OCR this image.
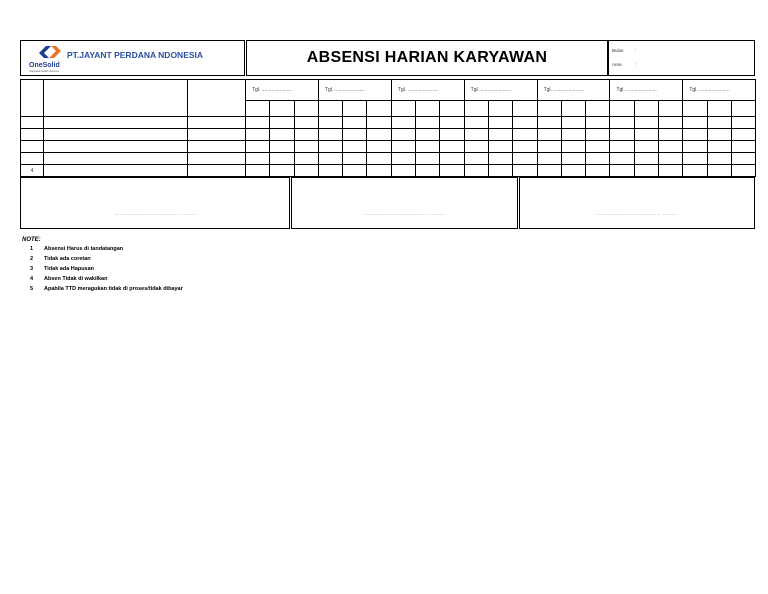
PT.JAYANT PERDANA NDONESIA
OneSolid
Integrated Facility Services
ABSENSI HARIAN KARYAWAN	Bulan	:
Area	:
			Tgl. ......................			Tgl. ......................			Tgl. ......................			Tgl. ......................			Tgl. ......................			Tgl. ......................			Tgl. ......................		

4																							
.................................. ........	.................................. ........	.................................. ........
NOTE:
1	Absensi Harus di tandatangan
2	Tidak ada coretan
3	Tidak ada Hapusan
4	Absen Tidak di wakilkan
5	Apabila TTD meragukan tidak di proses/tidak dibayar
